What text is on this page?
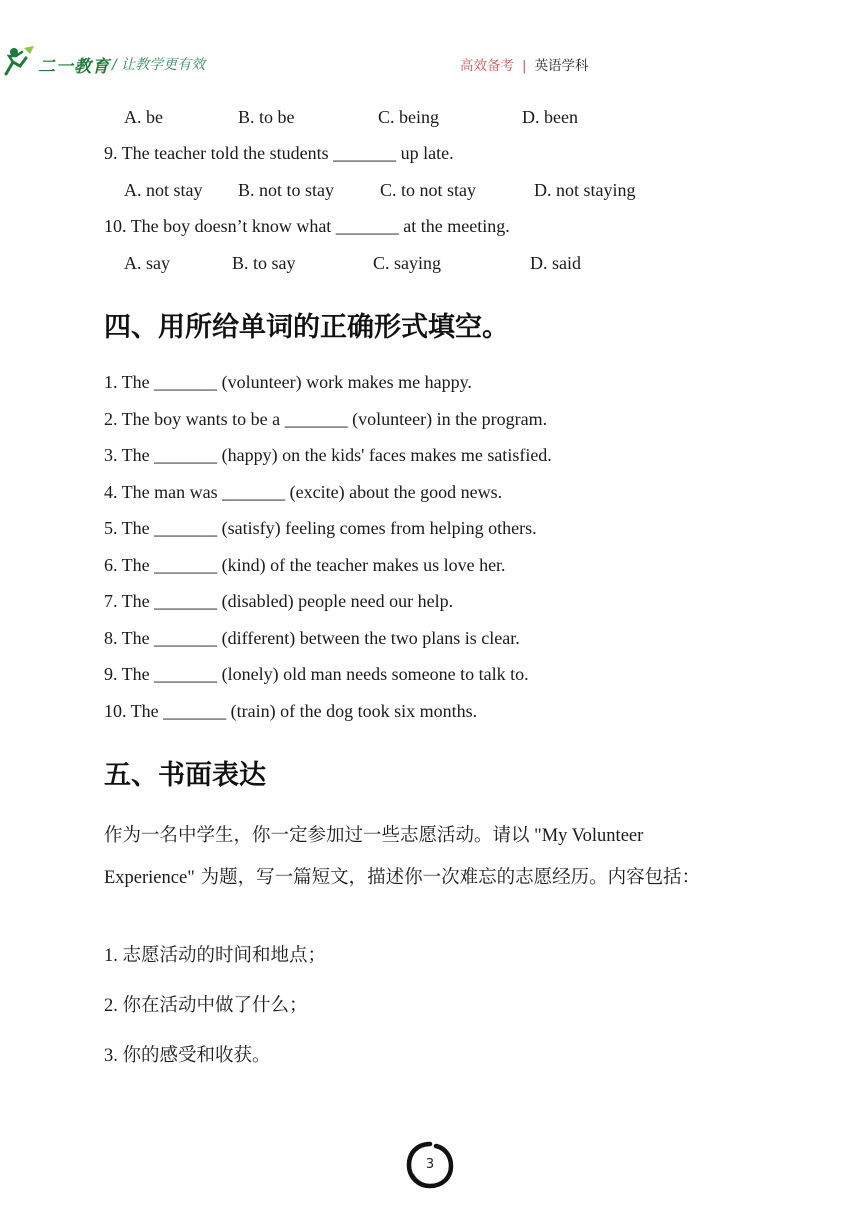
二一教育 / 让教学更有效	高效备考 | 英语学科
A. be	B. to be	C. being	D. been
9. The teacher told the students _______ up late.
A. not stay B. not to stay	C. to not stay	D. not staying
10. The boy doesn’t know what _______ at the meeting.
A. say	B. to say	C. saying	D. said
四、用所给单词的正确形式填空。
1. The _______ (volunteer) work makes me happy.
2. The boy wants to be a _______ (volunteer) in the program.
3. The _______ (happy) on the kids' faces makes me satisfied.
4. The man was _______ (excite) about the good news.
5. The _______ (satisfy) feeling comes from helping others.
6. The _______ (kind) of the teacher makes us love her.
7. The _______ (disabled) people need our help.
8. The _______ (different) between the two plans is clear.
9. The _______ (lonely) old man needs someone to talk to.
10. The _______ (train) of the dog took six months.
五、书面表达
作为一名中学生，你一定参加过一些志愿活动。请以 "My Volunteer
Experience" 为题，写一篇短文，描述你一次难忘的志愿经历。内容包括：
1. 志愿活动的时间和地点；
2. 你在活动中做了什么；
3. 你的感受和收获。
3
